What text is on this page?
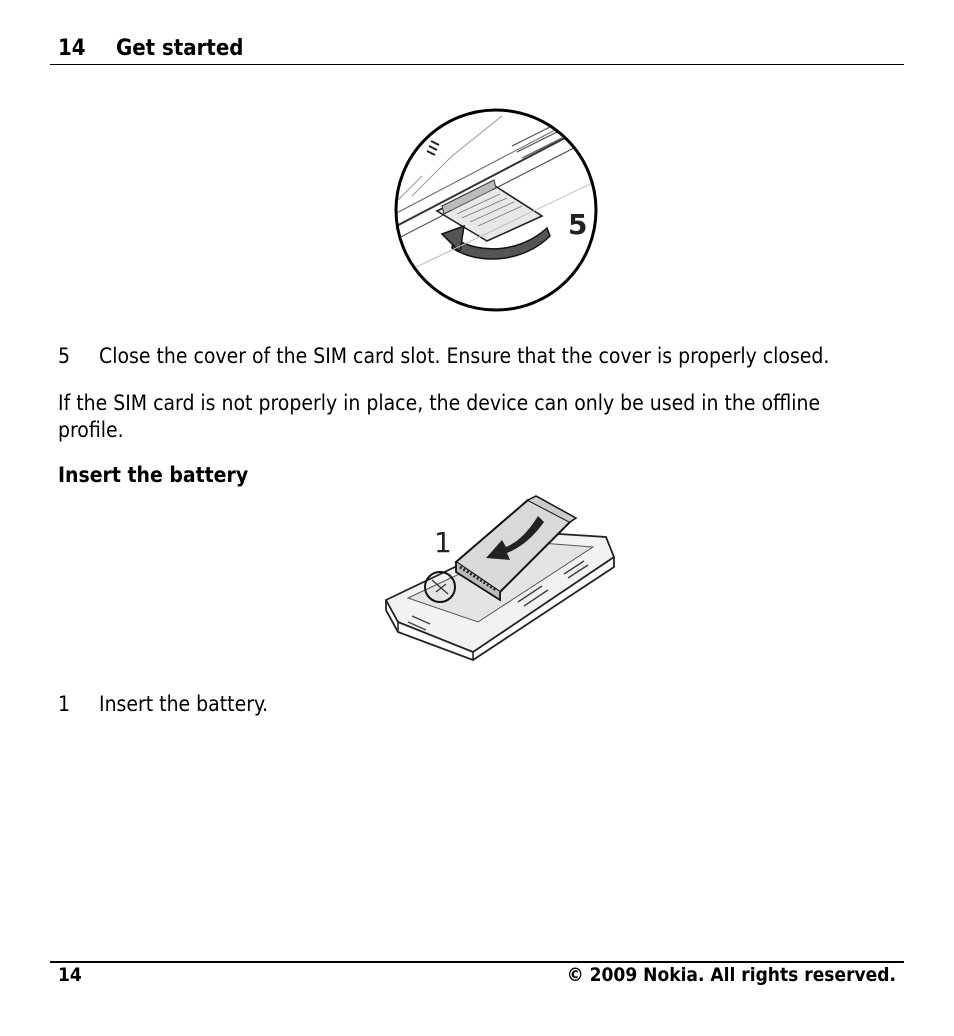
14 Get started
5
5 Close the cover of the SIM card slot. Ensure that the cover is properly closed.
If the SIM card is not properly in place, the device can only be used in the offline profile.
Insert the battery
1
1 Insert the battery.
14	© 2009 Nokia. All rights reserved.
